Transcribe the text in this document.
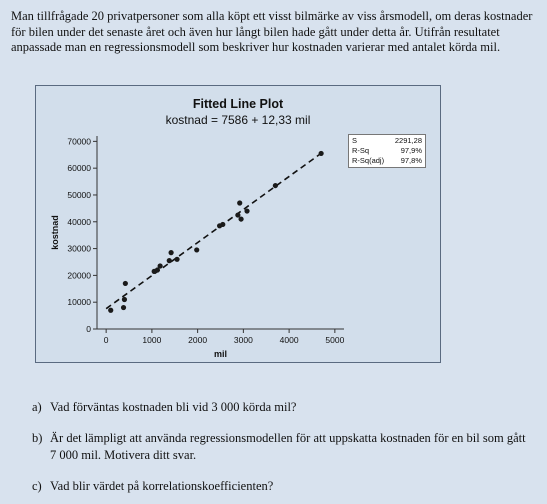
Man tillfrågade 20 privatpersoner som alla köpt ett visst bilmärke av viss årsmodell, om deras kostnader för bilen under det senaste året och även hur långt bilen hade gått under detta år. Utifrån resultatet anpassade man en regressionsmodell som beskriver hur kostnaden varierar med antalet körda mil.
Fitted Line Plot
kostnad = 7586 + 12,33 mil
0	1000	2000	3000	4000	5000
0
10000
20000
30000
40000
50000
60000
70000
mil
kostnad
S	2291,28
R-Sq	97,9%
R-Sq(adj) 97,8%
a) Vad förväntas kostnaden bli vid 3 000 körda mil?
b) Är det lämpligt att använda regressionsmodellen för att uppskatta kostnaden för en bil som gått
7 000 mil. Motivera ditt svar.
c) Vad blir värdet på korrelationskoefficienten?
